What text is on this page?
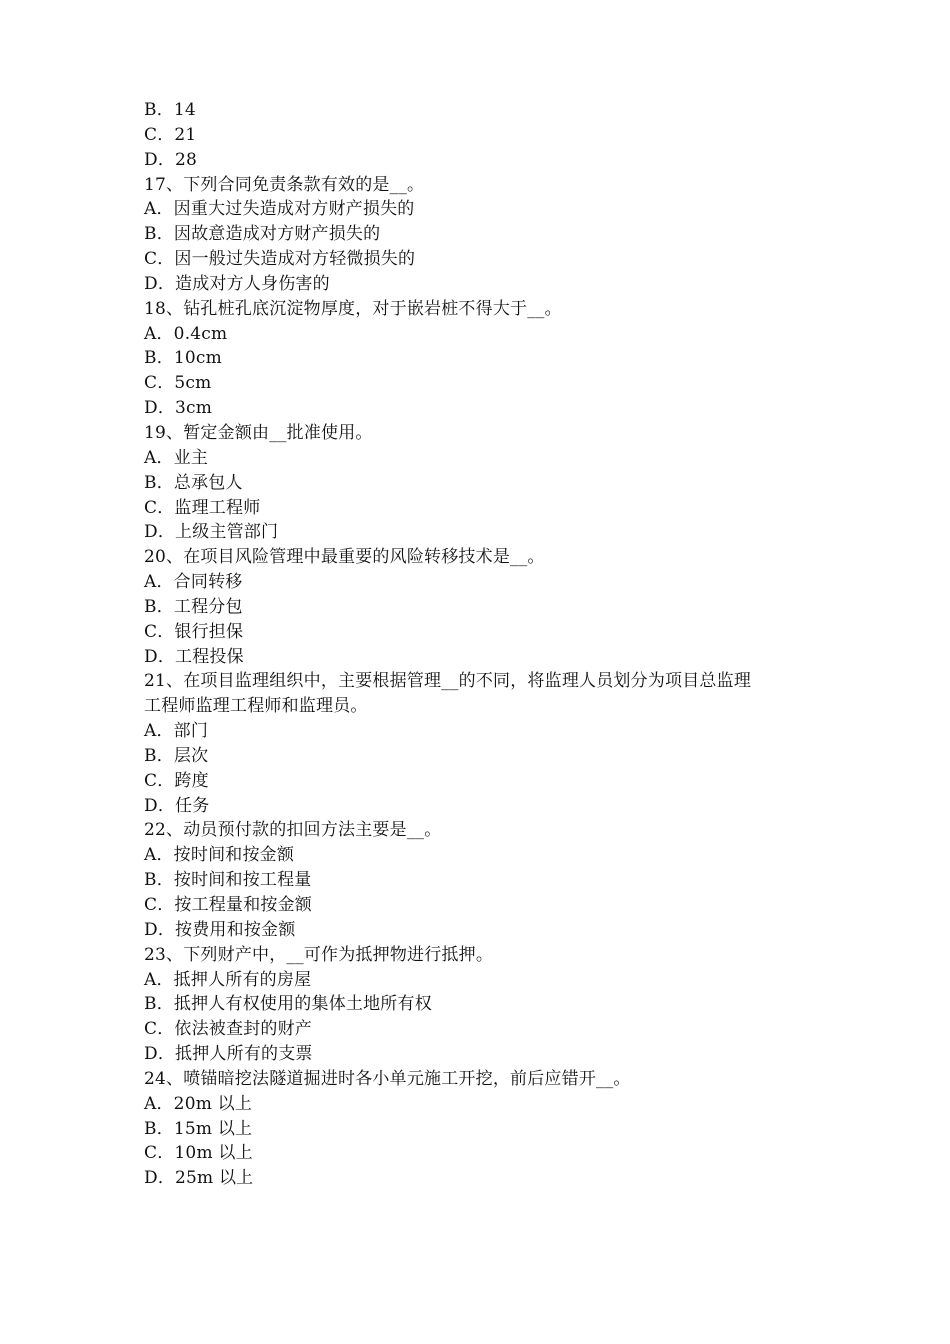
B．14
C．21
D．28
17、下列合同免责条款有效的是__。
A．因重大过失造成对方财产损失的
B．因故意造成对方财产损失的
C．因一般过失造成对方轻微损失的
D．造成对方人身伤害的
18、钻孔桩孔底沉淀物厚度，对于嵌岩桩不得大于__。
A．0.4cm
B．10cm
C．5cm
D．3cm
19、暂定金额由__批准使用。
A．业主
B．总承包人
C．监理工程师
D．上级主管部门
20、在项目风险管理中最重要的风险转移技术是__。
A．合同转移
B．工程分包
C．银行担保
D．工程投保
21、在项目监理组织中，主要根据管理__的不同，将监理人员划分为项目总监理
工程师监理工程师和监理员。
A．部门
B．层次
C．跨度
D．任务
22、动员预付款的扣回方法主要是__。
A．按时间和按金额
B．按时间和按工程量
C．按工程量和按金额
D．按费用和按金额
23、下列财产中，__可作为抵押物进行抵押。
A．抵押人所有的房屋
B．抵押人有权使用的集体土地所有权
C．依法被查封的财产
D．抵押人所有的支票
24、喷锚暗挖法隧道掘进时各小单元施工开挖，前后应错开__。
A．20m 以上
B．15m 以上
C．10m 以上
D．25m 以上
